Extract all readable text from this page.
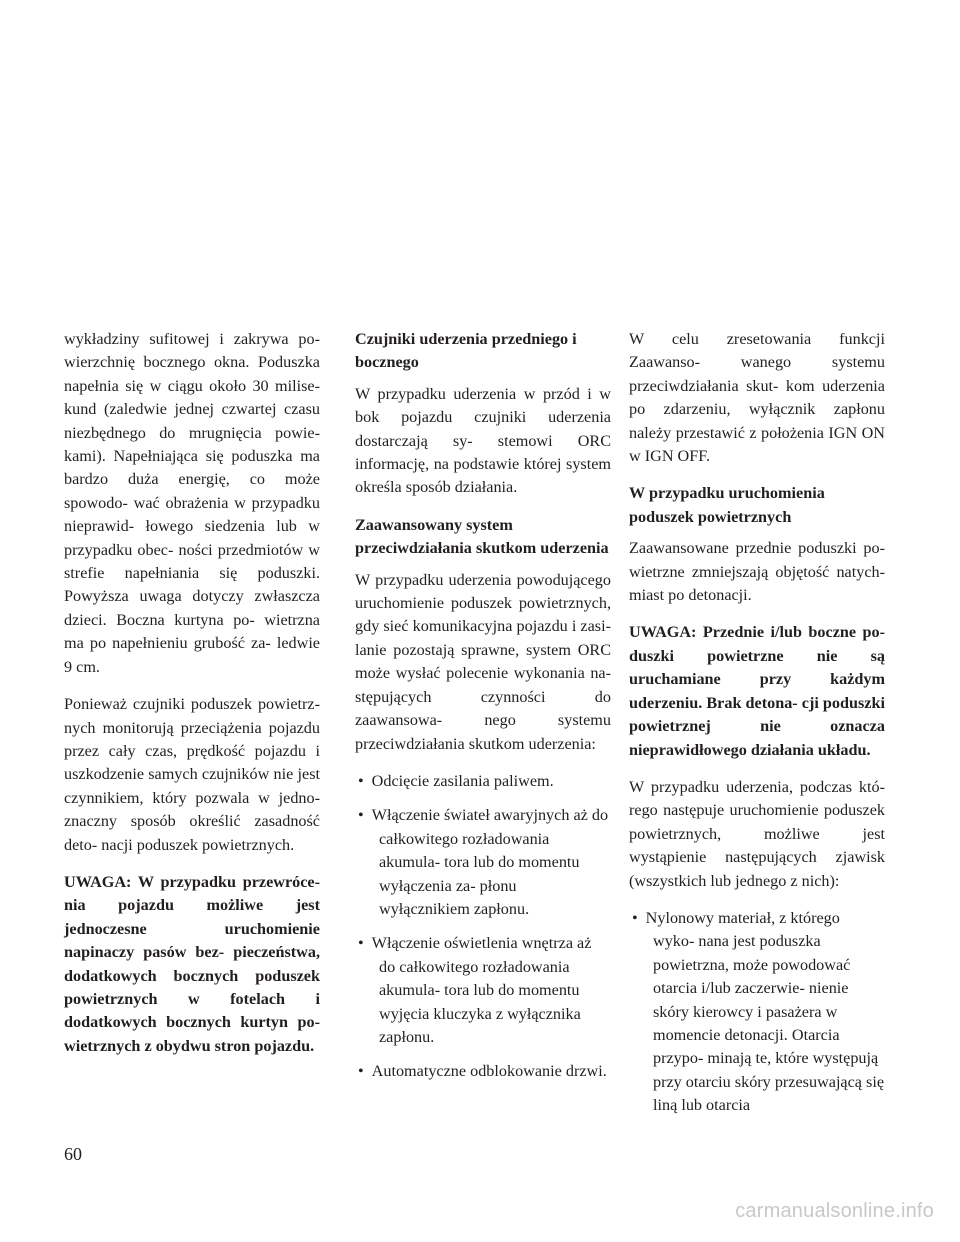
wykładziny sufitowej i zakrywa po- wierzchnię bocznego okna. Poduszka napełnia się w ciągu około 30 milise- kund (zaledwie jednej czwartej czasu niezbędnego do mrugnięcia powie- kami). Napełniająca się poduszka ma bardzo duża energię, co może spowodo- wać obrażenia w przypadku nieprawid- łowego siedzenia lub w przypadku obec- ności przedmiotów w strefie napełniania się poduszki. Powyższa uwaga dotyczy zwłaszcza dzieci. Boczna kurtyna po- wietrzna ma po napełnieniu grubość za- ledwie 9 cm.

Ponieważ czujniki poduszek powietrz- nych monitorują przeciążenia pojazdu przez cały czas, prędkość pojazdu i uszkodzenie samych czujników nie jest czynnikiem, który pozwala w jedno- znaczny sposób określić zasadność deto- nacji poduszek powietrznych.

UWAGA: W przypadku przewróce- nia pojazdu możliwe jest jednoczesne uruchomienie napinaczy pasów bez- pieczeństwa, dodatkowych bocznych poduszek powietrznych w fotelach i dodatkowych bocznych kurtyn po- wietrznych z obydwu stron pojazdu.

Czujniki uderzenia przedniego i bocznego

W przypadku uderzenia w przód i w bok pojazdu czujniki uderzenia dostarczają sy- stemowi ORC informację, na podstawie której system określa sposób działania.

Zaawansowany system przeciwdziałania skutkom uderzenia

W przypadku uderzenia powodującego uruchomienie poduszek powietrznych, gdy sieć komunikacyjna pojazdu i zasi- lanie pozostają sprawne, system ORC może wysłać polecenie wykonania na- stępujących czynności do zaawansowa- nego systemu przeciwdziałania skutkom uderzenia:

• Odcięcie zasilania paliwem.
• Włączenie świateł awaryjnych aż do całkowitego rozładowania akumula- tora lub do momentu wyłączenia za- płonu wyłącznikiem zapłonu.
• Włączenie oświetlenia wnętrza aż do całkowitego rozładowania akumula- tora lub do momentu wyjęcia kluczyka z wyłącznika zapłonu.
• Automatyczne odblokowanie drzwi.

W celu zresetowania funkcji Zaawanso- wanego systemu przeciwdziałania skut- kom uderzenia po zdarzeniu, wyłącznik zapłonu należy przestawić z położenia IGN ON w IGN OFF.

W przypadku uruchomienia poduszek powietrznych

Zaawansowane przednie poduszki po- wietrzne zmniejszają objętość natych- miast po detonacji.

UWAGA: Przednie i/lub boczne po- duszki powietrzne nie są uruchamiane przy każdym uderzeniu. Brak detona- cji poduszki powietrznej nie oznacza nieprawidłowego działania układu.

W przypadku uderzenia, podczas któ- rego następuje uruchomienie poduszek powietrznych, możliwe jest wystąpienie następujących zjawisk (wszystkich lub jednego z nich):

• Nylonowy materiał, z którego wyko- nana jest poduszka powietrzna, może powodować otarcia i/lub zaczerwie- nienie skóry kierowcy i pasażera w momencie detonacji. Otarcia przypo- minają te, które występują przy otarciu skóry przesuwającą się liną lub otarcia
60
carmanualsonline.info
